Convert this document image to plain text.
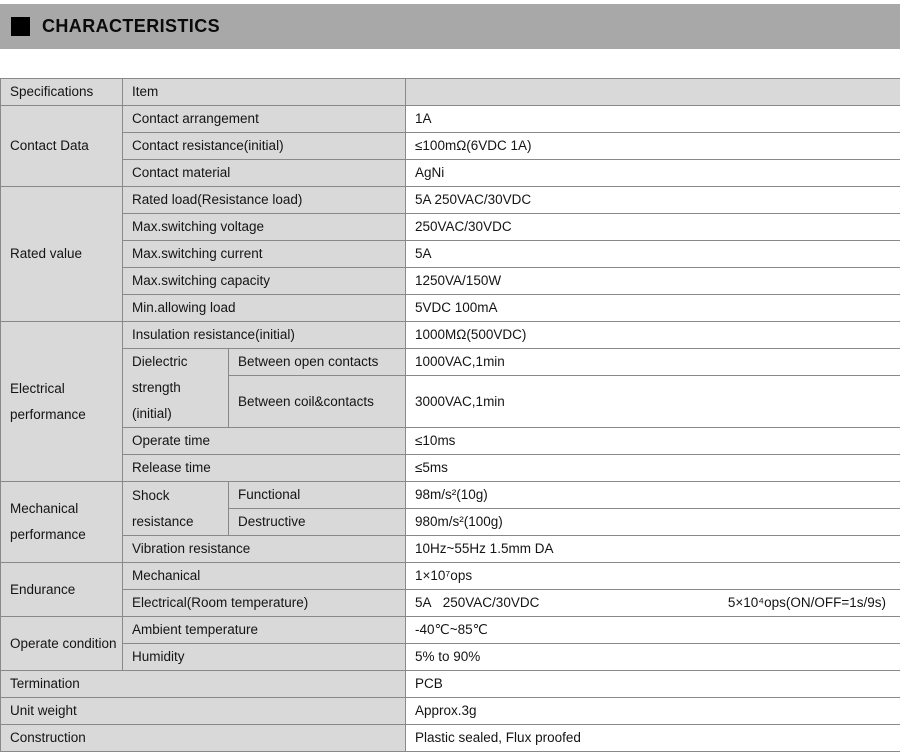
CHARACTERISTICS
Specifications	Item		
Contact Data	Contact arrangement		1A
	Contact resistance(initial)		≤100mΩ(6VDC 1A)
	Contact material		AgNi
Rated value	Rated load(Resistance load)		5A 250VAC/30VDC
	Max.switching voltage		250VAC/30VDC
	Max.switching current		5A
	Max.switching capacity		1250VA/150W
	Min.allowing load		5VDC 100mA
Electrical performance	Insulation resistance(initial)		1000MΩ(500VDC)
	Dielectric strength (initial)	Between open contacts	1000VAC,1min
		Between coil&contacts	3000VAC,1min
	Operate time		≤10ms
	Release time		≤5ms
Mechanical performance	Shock resistance	Functional	98m/s²(10g)
		Destructive	980m/s²(100g)
	Vibration resistance		10Hz~55Hz 1.5mm DA
Endurance	Mechanical		1×10⁷ops
	Electrical(Room temperature)		5A   250VAC/30VDC 5×10⁴ops(ON/OFF=1s/9s)

Operate condition	Ambient temperature		-40℃~85℃
	Humidity		5% to 90%
Termination			PCB
Unit weight			Approx.3g
Construction			Plastic sealed, Flux proofed
